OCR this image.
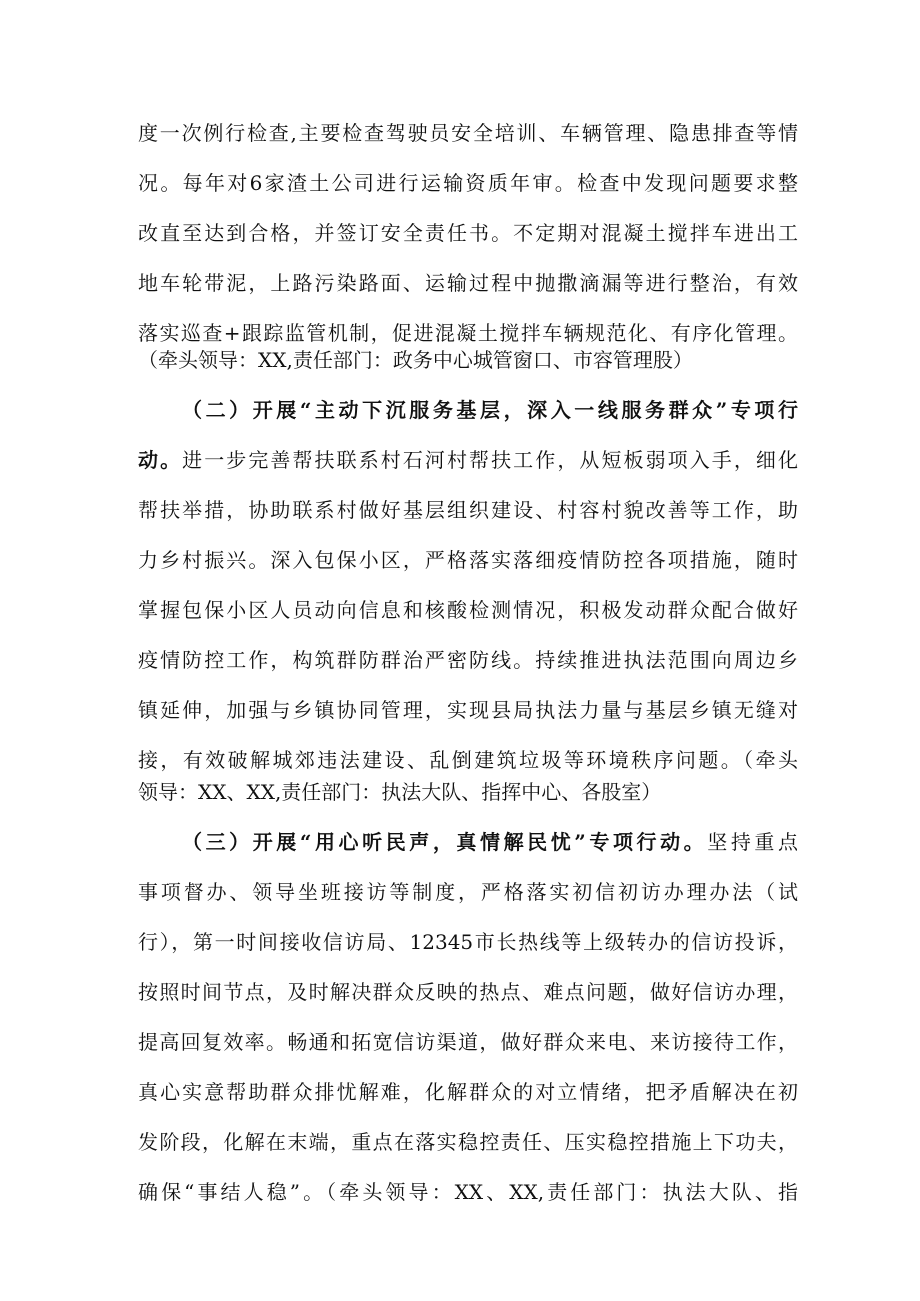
度一次例行检查,主要检查驾驶员安全培训、车辆管理、隐患排查等情
况。每年对6家渣土公司进行运输资质年审。检查中发现问题要求整
改直至达到合格，并签订安全责任书。不定期对混凝土搅拌车进出工
地车轮带泥，上路污染路面、运输过程中抛撒滴漏等进行整治，有效
落实巡查+跟踪监管机制，促进混凝土搅拌车辆规范化、有序化管理。
（牵头领导：XX,责任部门：政务中心城管窗口、市容管理股）
（二）开展“主动下沉服务基层，深入一线服务群众”专项行
动。进一步完善帮扶联系村石河村帮扶工作，从短板弱项入手，细化
帮扶举措，协助联系村做好基层组织建设、村容村貌改善等工作，助
力乡村振兴。深入包保小区，严格落实落细疫情防控各项措施，随时
掌握包保小区人员动向信息和核酸检测情况，积极发动群众配合做好
疫情防控工作，构筑群防群治严密防线。持续推进执法范围向周边乡
镇延伸，加强与乡镇协同管理，实现县局执法力量与基层乡镇无缝对
接，有效破解城郊违法建设、乱倒建筑垃圾等环境秩序问题。（牵头
领导：XX、XX,责任部门：执法大队、指挥中心、各股室）
（三）开展“用心听民声，真情解民忧”专项行动。坚持重点
事项督办、领导坐班接访等制度，严格落实初信初访办理办法（试
行），第一时间接收信访局、12345市长热线等上级转办的信访投诉，
按照时间节点，及时解决群众反映的热点、难点问题，做好信访办理，
提高回复效率。畅通和拓宽信访渠道，做好群众来电、来访接待工作，
真心实意帮助群众排忧解难，化解群众的对立情绪，把矛盾解决在初
发阶段，化解在末端，重点在落实稳控责任、压实稳控措施上下功夫，
确保“事结人稳”。（牵头领导：XX、XX,责任部门：执法大队、指
